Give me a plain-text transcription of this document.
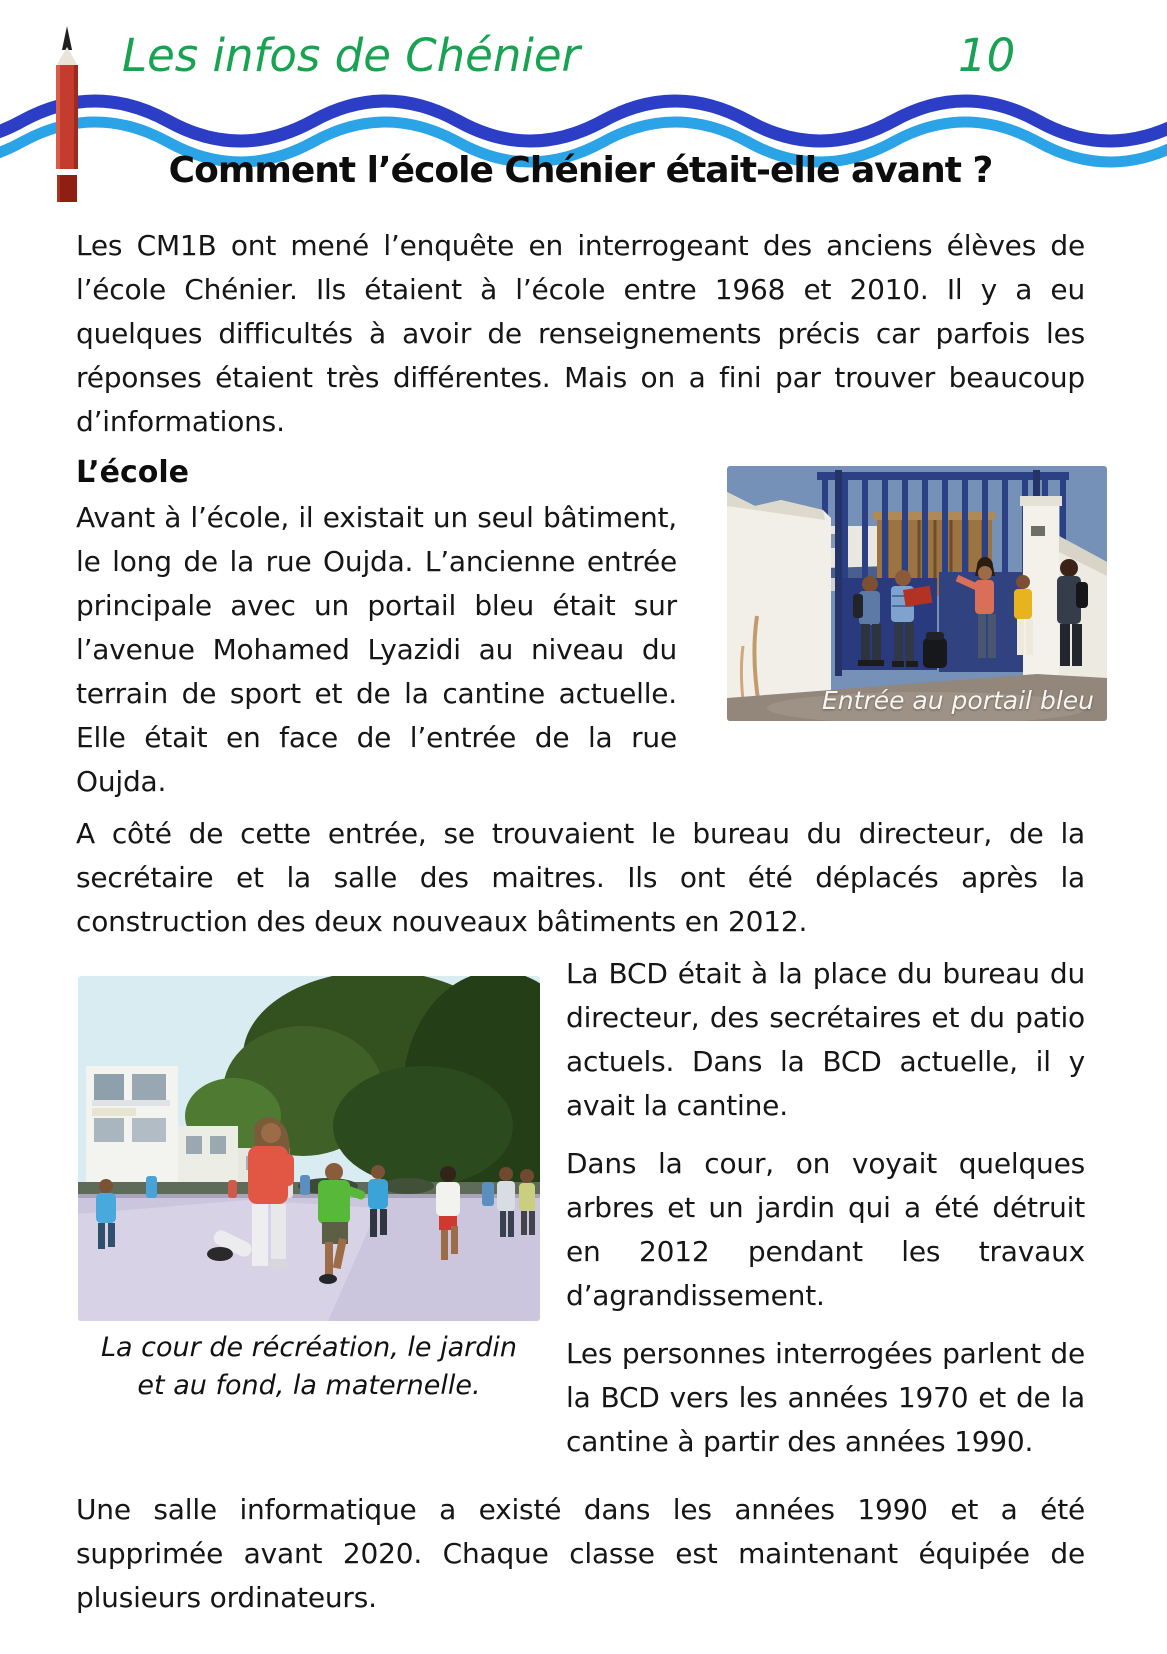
Les infos de Chénier	10
Comment l’école Chénier était-elle avant ?

Les CM1B ont mené l’enquête en interrogeant des anciens élèves de l’école Chénier. Ils étaient à l’école entre 1968 et 2010. Il y a eu quelques difficultés à avoir de renseignements précis car parfois les réponses étaient très différentes. Mais on a fini par trouver beaucoup d’informations.

Entrée au portail bleu
L’école

Avant à l’école, il existait un seul bâtiment, le long de la rue Oujda. L’ancienne entrée principale avec un portail bleu était sur l’avenue Mohamed Lyazidi au niveau du terrain de sport et de la cantine actuelle. Elle était en face de l’entrée de la rue Oujda.

A côté de cette entrée, se trouvaient le bureau du directeur, de la secrétaire et la salle des maitres. Ils ont été déplacés après la construction des deux nouveaux bâtiments en 2012.

La cour de récréation, le jardin
et au fond, la maternelle.

La BCD était à la place du bureau du directeur, des secrétaires et du patio actuels. Dans la BCD actuelle, il y avait la cantine.

Dans la cour, on voyait quelques arbres et un jardin qui a été détruit en 2012 pendant les travaux d’agrandissement.

Les personnes interrogées parlent de la BCD vers les années 1970 et de la cantine à partir des années 1990.

Une salle informatique a existé dans les années 1990 et a été supprimée avant 2020. Chaque classe est maintenant équipée de plusieurs ordinateurs.
